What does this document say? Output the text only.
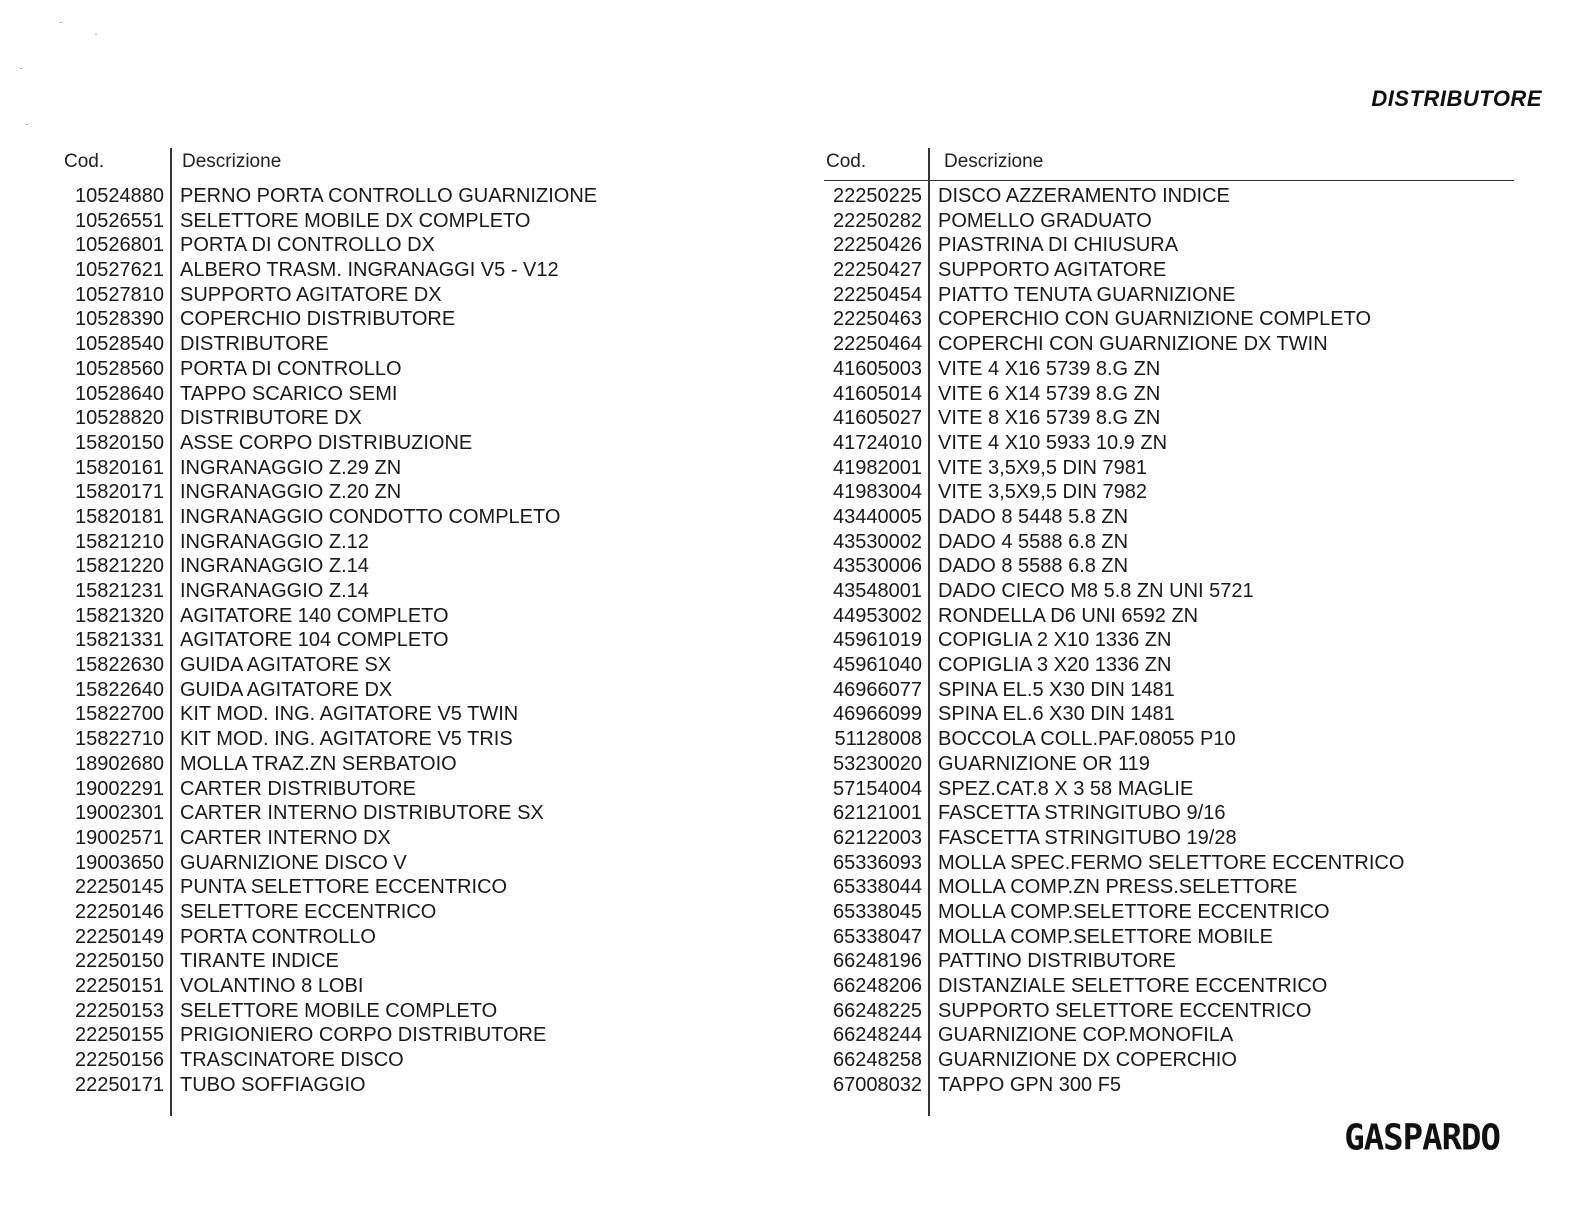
DISTRIBUTORE
Cod.	Descrizione
10524880 PERNO PORTA CONTROLLO GUARNIZIONE
10526551 SELETTORE MOBILE DX COMPLETO
10526801 PORTA DI CONTROLLO DX
10527621 ALBERO TRASM. INGRANAGGI V5 - V12
10527810 SUPPORTO AGITATORE DX
10528390 COPERCHIO DISTRIBUTORE
10528540 DISTRIBUTORE
10528560 PORTA DI CONTROLLO
10528640 TAPPO SCARICO SEMI
10528820 DISTRIBUTORE DX
15820150 ASSE CORPO DISTRIBUZIONE
15820161 INGRANAGGIO Z.29 ZN
15820171 INGRANAGGIO Z.20 ZN
15820181 INGRANAGGIO CONDOTTO COMPLETO
15821210 INGRANAGGIO Z.12
15821220 INGRANAGGIO Z.14
15821231 INGRANAGGIO Z.14
15821320 AGITATORE 140 COMPLETO
15821331 AGITATORE 104 COMPLETO
15822630 GUIDA AGITATORE SX
15822640 GUIDA AGITATORE DX
15822700 KIT MOD. ING. AGITATORE V5 TWIN
15822710 KIT MOD. ING. AGITATORE V5 TRIS
18902680 MOLLA TRAZ.ZN SERBATOIO
19002291 CARTER DISTRIBUTORE
19002301 CARTER INTERNO DISTRIBUTORE SX
19002571 CARTER INTERNO DX
19003650 GUARNIZIONE DISCO V
22250145 PUNTA SELETTORE ECCENTRICO
22250146 SELETTORE ECCENTRICO
22250149 PORTA CONTROLLO
22250150 TIRANTE INDICE
22250151 VOLANTINO 8 LOBI
22250153 SELETTORE MOBILE COMPLETO
22250155 PRIGIONIERO CORPO DISTRIBUTORE
22250156 TRASCINATORE DISCO
22250171 TUBO SOFFIAGGIO
Cod.	Descrizione
22250225 DISCO AZZERAMENTO INDICE
22250282 POMELLO GRADUATO
22250426 PIASTRINA DI CHIUSURA
22250427 SUPPORTO AGITATORE
22250454 PIATTO TENUTA GUARNIZIONE
22250463 COPERCHIO CON GUARNIZIONE COMPLETO
22250464 COPERCHI CON GUARNIZIONE DX TWIN
41605003 VITE 4 X16 5739 8.G ZN
41605014 VITE 6 X14 5739 8.G ZN
41605027 VITE 8 X16 5739 8.G ZN
41724010 VITE 4 X10 5933 10.9 ZN
41982001 VITE 3,5X9,5 DIN 7981
41983004 VITE 3,5X9,5 DIN 7982
43440005 DADO 8 5448 5.8 ZN
43530002 DADO 4 5588 6.8 ZN
43530006 DADO 8 5588 6.8 ZN
43548001 DADO CIECO M8 5.8 ZN UNI 5721
44953002 RONDELLA D6 UNI 6592 ZN
45961019 COPIGLIA 2 X10 1336 ZN
45961040 COPIGLIA 3 X20 1336 ZN
46966077 SPINA EL.5 X30 DIN 1481
46966099 SPINA EL.6 X30 DIN 1481
51128008 BOCCOLA COLL.PAF.08055 P10
53230020 GUARNIZIONE OR 119
57154004 SPEZ.CAT.8 X 3 58 MAGLIE
62121001 FASCETTA STRINGITUBO 9/16
62122003 FASCETTA STRINGITUBO 19/28
65336093 MOLLA SPEC.FERMO SELETTORE ECCENTRICO
65338044 MOLLA COMP.ZN PRESS.SELETTORE
65338045 MOLLA COMP.SELETTORE ECCENTRICO
65338047 MOLLA COMP.SELETTORE MOBILE
66248196 PATTINO DISTRIBUTORE
66248206 DISTANZIALE SELETTORE ECCENTRICO
66248225 SUPPORTO SELETTORE ECCENTRICO
66248244 GUARNIZIONE COP.MONOFILA
66248258 GUARNIZIONE DX COPERCHIO
67008032 TAPPO GPN 300 F5
GASPARDO
